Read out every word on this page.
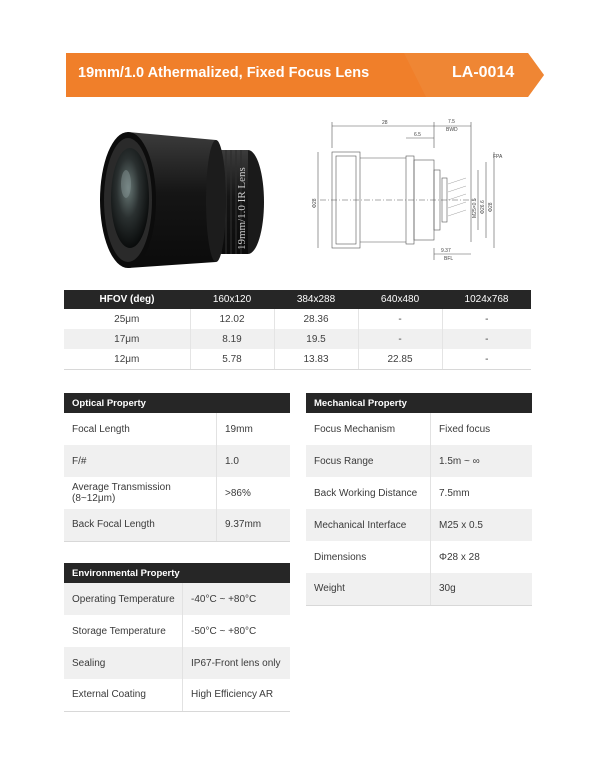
19mm/1.0 Athermalized, Fixed Focus Lens	LA-0014
19mm/1.0 IR Lens
28	7.5
BWD
6.5
FPA
Φ28	M25×0.5 Φ26.6 Φ28
9.37
BFL
HFOV (deg)	160x120	384x288	640x480	1024x768
25μm	12.02	28.36	-	-
17μm	8.19	19.5	-	-
12μm	5.78	13.83	22.85	-
Optical Property	
Focal Length	19mm
F/#	1.0
Average Transmission (8~12μm)	>86%
Back Focal Length	9.37mm
Mechanical Property	
Focus Mechanism	Fixed focus
Focus Range	1.5m ~ ∞
Back Working Distance	7.5mm
Mechanical Interface	M25 x 0.5
Dimensions	Φ28 x 28
Weight	30g
Environmental Property	
Operating Temperature	-40°C ~ +80°C
Storage Temperature	-50°C ~ +80°C
Sealing	IP67-Front lens only
External Coating	High Efficiency AR
